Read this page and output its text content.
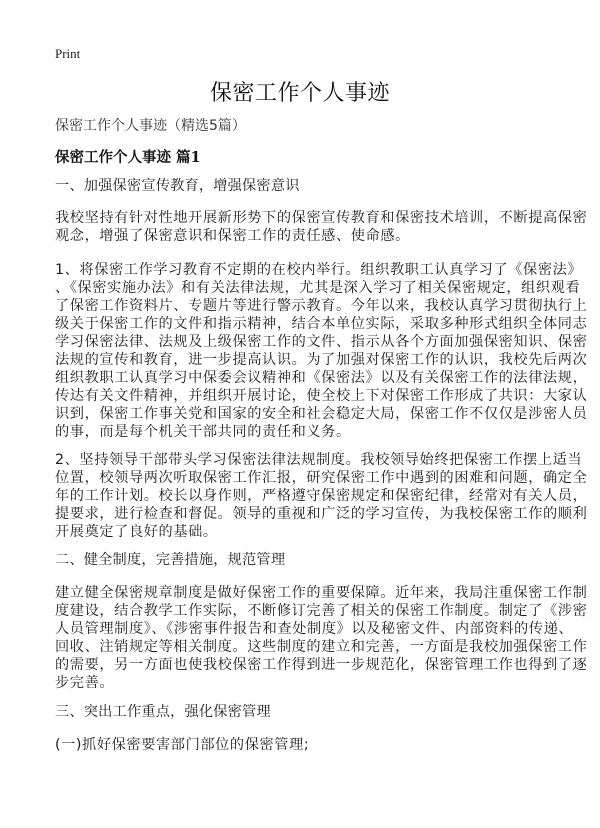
Print
保密工作个人事迹
保密工作个人事迹（精选5篇）
保密工作个人事迹 篇1
一、加强保密宣传教育，增强保密意识
我校坚持有针对性地开展新形势下的保密宣传教育和保密技术培训，不断提高保密
观念，增强了保密意识和保密工作的责任感、使命感。
1、将保密工作学习教育不定期的在校内举行。组织教职工认真学习了《保密法》
、《保密实施办法》和有关法律法规，尤其是深入学习了相关保密规定，组织观看
了保密工作资料片、专题片等进行警示教育。今年以来，我校认真学习贯彻执行上
级关于保密工作的文件和指示精神，结合本单位实际，采取多种形式组织全体同志
学习保密法律、法规及上级保密工作的文件、指示从各个方面加强保密知识、保密
法规的宣传和教育，进一步提高认识。为了加强对保密工作的认识，我校先后两次
组织教职工认真学习中保委会议精神和《保密法》以及有关保密工作的法律法规，
传达有关文件精神，并组织开展讨论，使全校上下对保密工作形成了共识：大家认
识到，保密工作事关党和国家的安全和社会稳定大局，保密工作不仅仅是涉密人员
的事，而是每个机关干部共同的责任和义务。
2、坚持领导干部带头学习保密法律法规制度。我校领导始终把保密工作摆上适当
位置，校领导两次听取保密工作汇报，研究保密工作中遇到的困难和问题，确定全
年的工作计划。校长以身作则，严格遵守保密规定和保密纪律，经常对有关人员，
提要求，进行检查和督促。领导的重视和广泛的学习宣传，为我校保密工作的顺利
开展奠定了良好的基础。
二、健全制度，完善措施，规范管理
建立健全保密规章制度是做好保密工作的重要保障。近年来，我局注重保密工作制
度建设，结合教学工作实际，不断修订完善了相关的保密工作制度。制定了《涉密
人员管理制度》、《涉密事件报告和查处制度》以及秘密文件、内部资料的传递、
回收、注销规定等相关制度。这些制度的建立和完善，一方面是我校加强保密工作
的需要，另一方面也使我校保密工作得到进一步规范化，保密管理工作也得到了逐
步完善。
三、突出工作重点，强化保密管理
(一)抓好保密要害部门部位的保密管理;
